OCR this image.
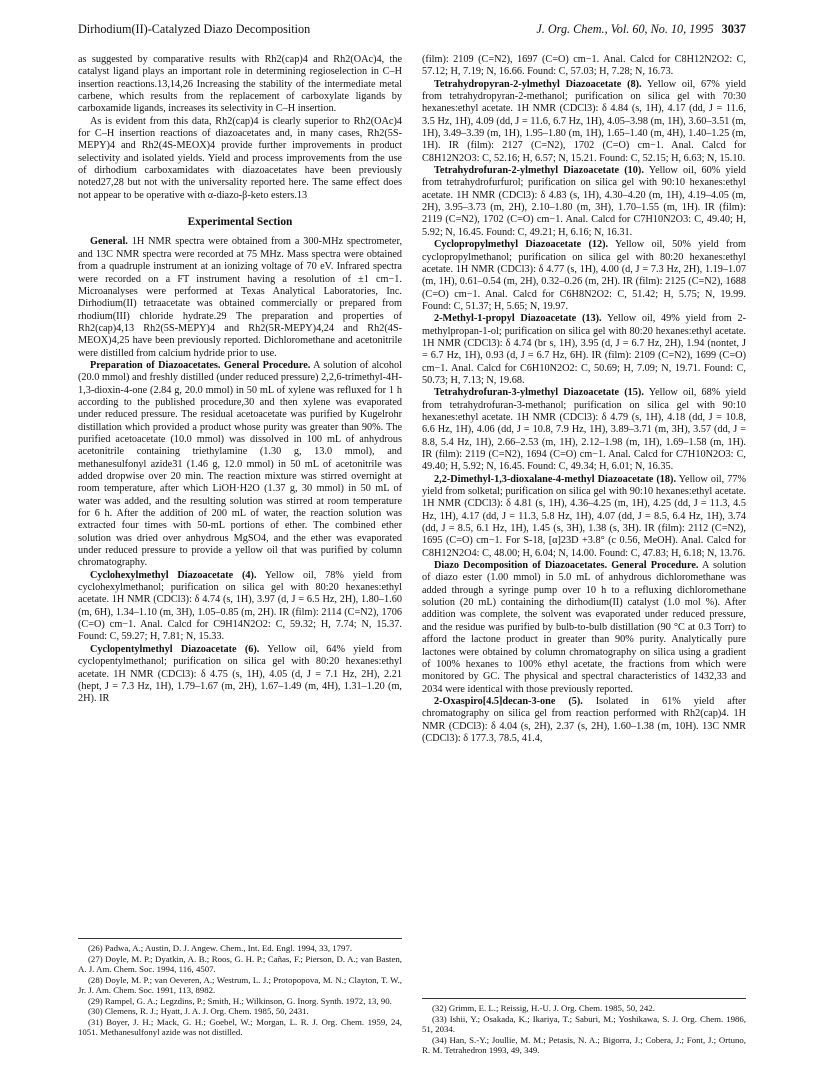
Dirhodium(II)-Catalyzed Diazo Decomposition	J. Org. Chem., Vol. 60, No. 10, 1995 3037

as suggested by comparative results with Rh2(cap)4 and Rh2(OAc)4, the catalyst ligand plays an important role in determining regioselection in C–H insertion reactions.13,14,26 Increasing the stability of the intermediate metal carbene, which results from the replacement of carboxylate ligands by carboxamide ligands, increases its selectivity in C–H insertion.

As is evident from this data, Rh2(cap)4 is clearly superior to Rh2(OAc)4 for C–H insertion reactions of diazoacetates and, in many cases, Rh2(5S-MEPY)4 and Rh2(4S-MEOX)4 provide further improvements in product selectivity and isolated yields. Yield and process improvements from the use of dirhodium carboxamidates with diazoacetates have been previously noted27,28 but not with the universality reported here. The same effect does not appear to be operative with α-diazo-β-keto esters.13

Experimental Section

General. 1H NMR spectra were obtained from a 300-MHz spectrometer, and 13C NMR spectra were recorded at 75 MHz. Mass spectra were obtained from a quadruple instrument at an ionizing voltage of 70 eV. Infrared spectra were recorded on a FT instrument having a resolution of ±1 cm−1. Microanalyses were performed at Texas Analytical Laboratories, Inc. Dirhodium(II) tetraacetate was obtained commercially or prepared from rhodium(III) chloride hydrate.29 The preparation and properties of Rh2(cap)4,13 Rh2(5S-MEPY)4 and Rh2(5R-MEPY)4,24 and Rh2(4S-MEOX)4,25 have been previously reported. Dichloromethane and acetonitrile were distilled from calcium hydride prior to use.

Preparation of Diazoacetates. General Procedure. A solution of alcohol (20.0 mmol) and freshly distilled (under reduced pressure) 2,2,6-trimethyl-4H-1,3-dioxin-4-one (2.84 g, 20.0 mmol) in 50 mL of xylene was refluxed for 1 h according to the published procedure,30 and then xylene was evaporated under reduced pressure. The residual acetoacetate was purified by Kugelrohr distillation which provided a product whose purity was greater than 90%. The purified acetoacetate (10.0 mmol) was dissolved in 100 mL of anhydrous acetonitrile containing triethylamine (1.30 g, 13.0 mmol), and methanesulfonyl azide31 (1.46 g, 12.0 mmol) in 50 mL of acetonitrile was added dropwise over 20 min. The reaction mixture was stirred overnight at room temperature, after which LiOH·H2O (1.37 g, 30 mmol) in 50 mL of water was added, and the resulting solution was stirred at room temperature for 6 h. After the addition of 200 mL of water, the reaction solution was extracted four times with 50-mL portions of ether. The combined ether solution was dried over anhydrous MgSO4, and the ether was evaporated under reduced pressure to provide a yellow oil that was purified by column chromatography.

Cyclohexylmethyl Diazoacetate (4). Yellow oil, 78% yield from cyclohexylmethanol; purification on silica gel with 80:20 hexanes:ethyl acetate. 1H NMR (CDCl3): δ 4.74 (s, 1H), 3.97 (d, J = 6.5 Hz, 2H), 1.80–1.60 (m, 6H), 1.34–1.10 (m, 3H), 1.05–0.85 (m, 2H). IR (film): 2114 (C=N2), 1706 (C=O) cm−1. Anal. Calcd for C9H14N2O2: C, 59.32; H, 7.74; N, 15.37. Found: C, 59.27; H, 7.81; N, 15.33.

Cyclopentylmethyl Diazoacetate (6). Yellow oil, 64% yield from cyclopentylmethanol; purification on silica gel with 80:20 hexanes:ethyl acetate. 1H NMR (CDCl3): δ 4.75 (s, 1H), 4.05 (d, J = 7.1 Hz, 2H), 2.21 (hept, J = 7.3 Hz, 1H), 1.79–1.67 (m, 2H), 1.67–1.49 (m, 4H), 1.31–1.20 (m, 2H). IR

(26) Padwa, A.; Austin, D. J. Angew. Chem., Int. Ed. Engl. 1994, 33, 1797.

(27) Doyle, M. P.; Dyatkin, A. B.; Roos, G. H. P.; Cañas, F.; Pierson, D. A.; van Basten, A. J. Am. Chem. Soc. 1994, 116, 4507.

(28) Doyle, M. P.; van Oeveren, A.; Westrum, L. J.; Protopopova, M. N.; Clayton, T. W., Jr. J. Am. Chem. Soc. 1991, 113, 8982.

(29) Rampel, G. A.; Legzdins, P.; Smith, H.; Wilkinson, G. Inorg. Synth. 1972, 13, 90.

(30) Clemens, R. J.; Hyatt, J. A. J. Org. Chem. 1985, 50, 2431.

(31) Boyer, J. H.; Mack, G. H.; Goebel, W.; Morgan, L. R. J. Org. Chem. 1959, 24, 1051. Methanesulfonyl azide was not distilled.

(film): 2109 (C=N2), 1697 (C=O) cm−1. Anal. Calcd for C8H12N2O2: C, 57.12; H, 7.19; N, 16.66. Found: C, 57.03; H, 7.28; N, 16.73.

Tetrahydropyran-2-ylmethyl Diazoacetate (8). Yellow oil, 67% yield from tetrahydropyran-2-methanol; purification on silica gel with 70:30 hexanes:ethyl acetate. 1H NMR (CDCl3): δ 4.84 (s, 1H), 4.17 (dd, J = 11.6, 3.5 Hz, 1H), 4.09 (dd, J = 11.6, 6.7 Hz, 1H), 4.05–3.98 (m, 1H), 3.60–3.51 (m, 1H), 3.49–3.39 (m, 1H), 1.95–1.80 (m, 1H), 1.65–1.40 (m, 4H), 1.40–1.25 (m, 1H). IR (film): 2127 (C=N2), 1702 (C=O) cm−1. Anal. Calcd for C8H12N2O3: C, 52.16; H, 6.57; N, 15.21. Found: C, 52.15; H, 6.63; N, 15.10.

Tetrahydrofuran-2-ylmethyl Diazoacetate (10). Yellow oil, 60% yield from tetrahydrofurfurol; purification on silica gel with 90:10 hexanes:ethyl acetate. 1H NMR (CDCl3): δ 4.83 (s, 1H), 4.30–4.20 (m, 1H), 4.19–4.05 (m, 2H), 3.95–3.73 (m, 2H), 2.10–1.80 (m, 3H), 1.70–1.55 (m, 1H). IR (film): 2119 (C=N2), 1702 (C=O) cm−1. Anal. Calcd for C7H10N2O3: C, 49.40; H, 5.92; N, 16.45. Found: C, 49.21; H, 6.16; N, 16.31.

Cyclopropylmethyl Diazoacetate (12). Yellow oil, 50% yield from cyclopropylmethanol; purification on silica gel with 80:20 hexanes:ethyl acetate. 1H NMR (CDCl3): δ 4.77 (s, 1H), 4.00 (d, J = 7.3 Hz, 2H), 1.19–1.07 (m, 1H), 0.61–0.54 (m, 2H), 0.32–0.26 (m, 2H). IR (film): 2125 (C=N2), 1688 (C=O) cm−1. Anal. Calcd for C6H8N2O2: C, 51.42; H, 5.75; N, 19.99. Found: C, 51.37; H, 5.65; N, 19.97.

2-Methyl-1-propyl Diazoacetate (13). Yellow oil, 49% yield from 2-methylpropan-1-ol; purification on silica gel with 80:20 hexanes:ethyl acetate. 1H NMR (CDCl3): δ 4.74 (br s, 1H), 3.95 (d, J = 6.7 Hz, 2H), 1.94 (nontet, J = 6.7 Hz, 1H), 0.93 (d, J = 6.7 Hz, 6H). IR (film): 2109 (C=N2), 1699 (C=O) cm−1. Anal. Calcd for C6H10N2O2: C, 50.69; H, 7.09; N, 19.71. Found: C, 50.73; H, 7.13; N, 19.68.

Tetrahydrofuran-3-ylmethyl Diazoacetate (15). Yellow oil, 68% yield from tetrahydrofuran-3-methanol; purification on silica gel with 90:10 hexanes:ethyl acetate. 1H NMR (CDCl3): δ 4.79 (s, 1H), 4.18 (dd, J = 10.8, 6.6 Hz, 1H), 4.06 (dd, J = 10.8, 7.9 Hz, 1H), 3.89–3.71 (m, 3H), 3.57 (dd, J = 8.8, 5.4 Hz, 1H), 2.66–2.53 (m, 1H), 2.12–1.98 (m, 1H), 1.69–1.58 (m, 1H). IR (film): 2119 (C=N2), 1694 (C=O) cm−1. Anal. Calcd for C7H10N2O3: C, 49.40; H, 5.92; N, 16.45. Found: C, 49.34; H, 6.01; N, 16.35.

2,2-Dimethyl-1,3-dioxalane-4-methyl Diazoacetate (18). Yellow oil, 77% yield from solketal; purification on silica gel with 90:10 hexanes:ethyl acetate. 1H NMR (CDCl3): δ 4.81 (s, 1H), 4.36–4.25 (m, 1H), 4.25 (dd, J = 11.3, 4.5 Hz, 1H), 4.17 (dd, J = 11.3, 5.8 Hz, 1H), 4.07 (dd, J = 8.5, 6.4 Hz, 1H), 3.74 (dd, J = 8.5, 6.1 Hz, 1H), 1.45 (s, 3H), 1.38 (s, 3H). IR (film): 2112 (C=N2), 1695 (C=O) cm−1. For S-18, [α]23D +3.8° (c 0.56, MeOH). Anal. Calcd for C8H12N2O4: C, 48.00; H, 6.04; N, 14.00. Found: C, 47.83; H, 6.18; N, 13.76.

Diazo Decomposition of Diazoacetates. General Procedure. A solution of diazo ester (1.00 mmol) in 5.0 mL of anhydrous dichloromethane was added through a syringe pump over 10 h to a refluxing dichloromethane solution (20 mL) containing the dirhodium(II) catalyst (1.0 mol %). After addition was complete, the solvent was evaporated under reduced pressure, and the residue was purified by bulb-to-bulb distillation (90 °C at 0.3 Torr) to afford the lactone product in greater than 90% purity. Analytically pure lactones were obtained by column chromatography on silica using a gradient of 100% hexanes to 100% ethyl acetate, the fractions from which were monitored by GC. The physical and spectral characteristics of 1432,33 and 2034 were identical with those previously reported.

2-Oxaspiro[4.5]decan-3-one (5). Isolated in 61% yield after chromatography on silica gel from reaction performed with Rh2(cap)4. 1H NMR (CDCl3): δ 4.04 (s, 2H), 2.37 (s, 2H), 1.60–1.38 (m, 10H). 13C NMR (CDCl3): δ 177.3, 78.5, 41.4,

(32) Grimm, E. L.; Reissig, H.-U. J. Org. Chem. 1985, 50, 242.

(33) Ishii, Y.; Osakada, K.; Ikariya, T.; Saburi, M.; Yoshikawa, S. J. Org. Chem. 1986, 51, 2034.

(34) Han, S.-Y.; Joullie, M. M.; Petasis, N. A.; Bigorra, J.; Cobera, J.; Font, J.; Ortuno, R. M. Tetrahedron 1993, 49, 349.
